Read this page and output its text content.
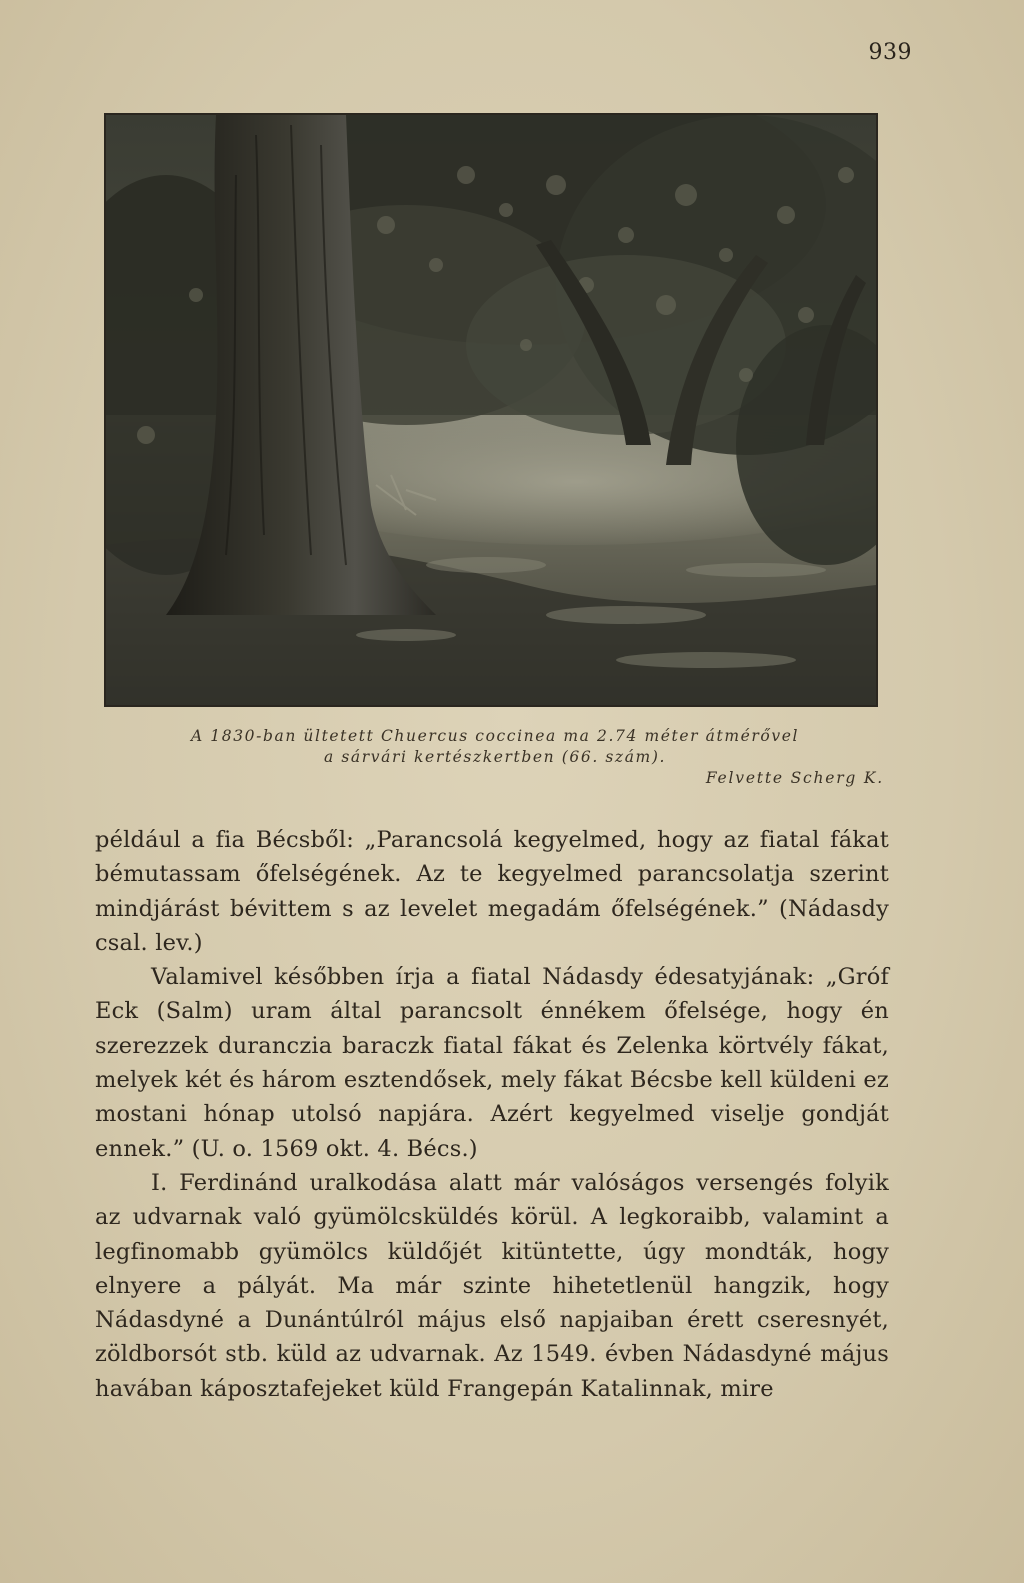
939
A 1830-ban ültetett Chuercus coccinea ma 2.74 méter átmérővel
a sárvári kertészkertben (66. szám).
Felvette Scherg K.

például a fia Bécsből: „Parancsolá kegyelmed, hogy az fiatal fákat bémutassam őfelségének. Az te kegyelmed parancsolatja szerint mindjárást bévittem s az levelet megadám őfelségének.” (Nádasdy csal. lev.)

Valamivel későbben írja a fiatal Nádasdy édesatyjának: „Gróf Eck (Salm) uram által parancsolt énnékem őfelsége, hogy én szerezzek duranczia baraczk fiatal fákat és Zelenka körtvély fákat, melyek két és három esztendősek, mely fákat Bécsbe kell küldeni ez mostani hónap utolsó napjára. Azért kegyelmed viselje gondját ennek.” (U. o. 1569 okt. 4. Bécs.)

I. Ferdinánd uralkodása alatt már valóságos versengés folyik az udvarnak való gyümölcsküldés körül. A legkoraibb, valamint a legfinomabb gyümölcs küldőjét kitüntette, úgy mondták, hogy elnyere a pályát. Ma már szinte hihetetlenül hangzik, hogy Nádasdyné a Dunántúlról május első napjaiban érett cseresnyét, zöldborsót stb. küld az udvarnak. Az 1549. évben Nádasdyné május havában káposztafejeket küld Frangepán Katalinnak, mire
